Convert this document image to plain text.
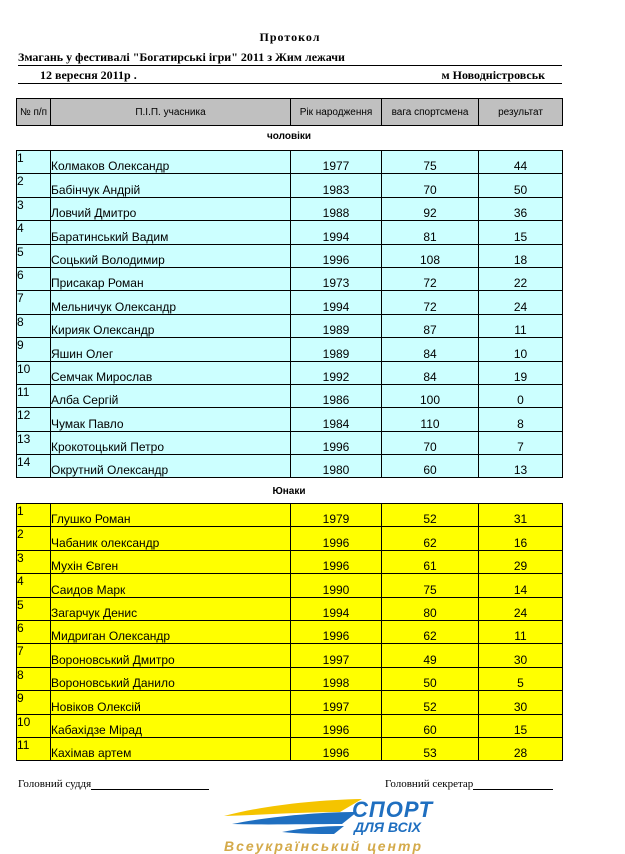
Протокол
Змагань у фестивалі "Богатирські ігри" 2011 з Жим лежачи
12 вересня 2011р .	м Новодністровськ
№ п/п	П.І.П. учасника	Рік народження	вага спортсмена	результат
чоловіки
1	Колмаков Олександр	1977	75	44
2	Бабінчук Андрій	1983	70	50
3	Ловчий Дмитро	1988	92	36
4	Баратинський Вадим	1994	81	15
5	Соцький Володимир	1996	108	18
6	Присакар Роман	1973	72	22
7	Мельничук Олександр	1994	72	24
8	Кирияк Олександр	1989	87	11
9	Яшин Олег	1989	84	10
10	Семчак Мирослав	1992	84	19
11	Алба Сергій	1986	100	0
12	Чумак Павло	1984	110	8
13	Крокотоцький Петро	1996	70	7
14	Окрутний Олександр	1980	60	13
Юнаки
1	Глушко Роман	1979	52	31
2	Чабаник олександр	1996	62	16
3	Мухін Євген	1996	61	29
4	Саидов Марк	1990	75	14
5	Загарчук Денис	1994	80	24
6	Мидриган Олександр	1996	62	11
7	Вороновський Дмитро	1997	49	30
8	Вороновський Данило	1998	50	5
9	Новіков Олексій	1997	52	30
10	Кабахідзе Мірад	1996	60	15
11	Кахімав артем	1996	53	28
Головний суддя	Головний секретар
СПОРТ
ДЛЯ ВСІХ
Всеукраїнський центр
